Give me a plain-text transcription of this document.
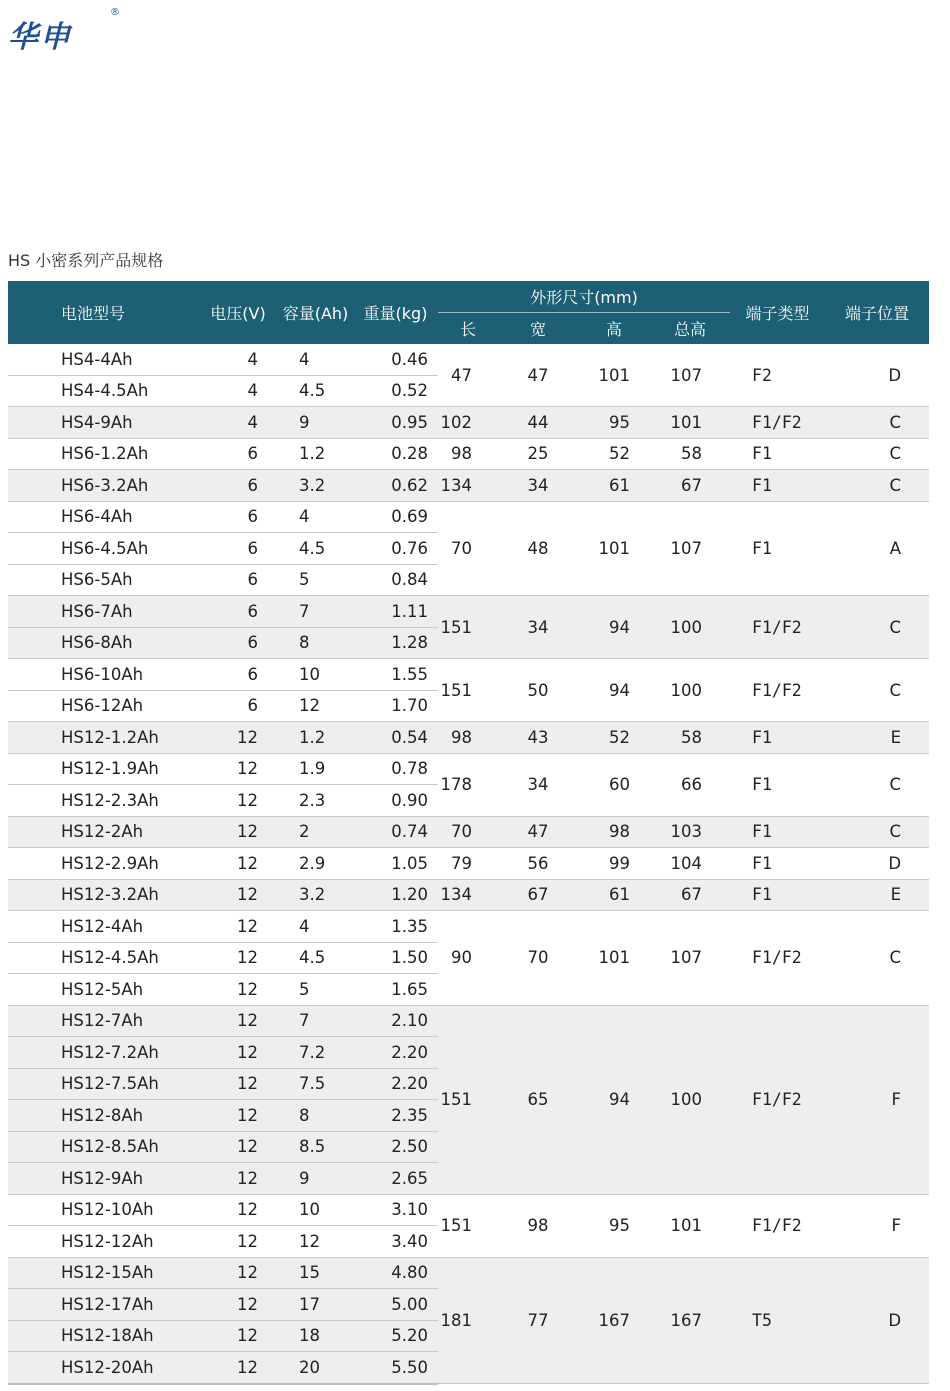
华申
®
HS 小密系列产品规格
电池型号	电压(V)	容量(Ah)	重量(kg)	外形尺寸(mm)				端子类型	端子位置
				长	宽	高	总高		
HS4-4Ah	4	4	0.46	47	47	101	107	F2	D
HS4-4.5Ah	4	4.5	0.52						
HS4-9Ah	4	9	0.95	102	44	95	101	F1/F2	C
HS6-1.2Ah	6	1.2	0.28	98	25	52	58	F1	C
HS6-3.2Ah	6	3.2	0.62	134	34	61	67	F1	C
HS6-4Ah	6	4	0.69	70	48	101	107	F1	A
HS6-4.5Ah	6	4.5	0.76						
HS6-5Ah	6	5	0.84						
HS6-7Ah	6	7	1.11	151	34	94	100	F1/F2	C
HS6-8Ah	6	8	1.28						
HS6-10Ah	6	10	1.55	151	50	94	100	F1/F2	C
HS6-12Ah	6	12	1.70						
HS12-1.2Ah	12	1.2	0.54	98	43	52	58	F1	E
HS12-1.9Ah	12	1.9	0.78	178	34	60	66	F1	C
HS12-2.3Ah	12	2.3	0.90						
HS12-2Ah	12	2	0.74	70	47	98	103	F1	C
HS12-2.9Ah	12	2.9	1.05	79	56	99	104	F1	D
HS12-3.2Ah	12	3.2	1.20	134	67	61	67	F1	E
HS12-4Ah	12	4	1.35	90	70	101	107	F1/F2	C
HS12-4.5Ah	12	4.5	1.50						
HS12-5Ah	12	5	1.65						
HS12-7Ah	12	7	2.10	151	65	94	100	F1/F2	F
HS12-7.2Ah	12	7.2	2.20						
HS12-7.5Ah	12	7.5	2.20						
HS12-8Ah	12	8	2.35						
HS12-8.5Ah	12	8.5	2.50						
HS12-9Ah	12	9	2.65						
HS12-10Ah	12	10	3.10	151	98	95	101	F1/F2	F
HS12-12Ah	12	12	3.40						
HS12-15Ah	12	15	4.80	181	77	167	167	T5	D
HS12-17Ah	12	17	5.00						
HS12-18Ah	12	18	5.20						
HS12-20Ah	12	20	5.50						
